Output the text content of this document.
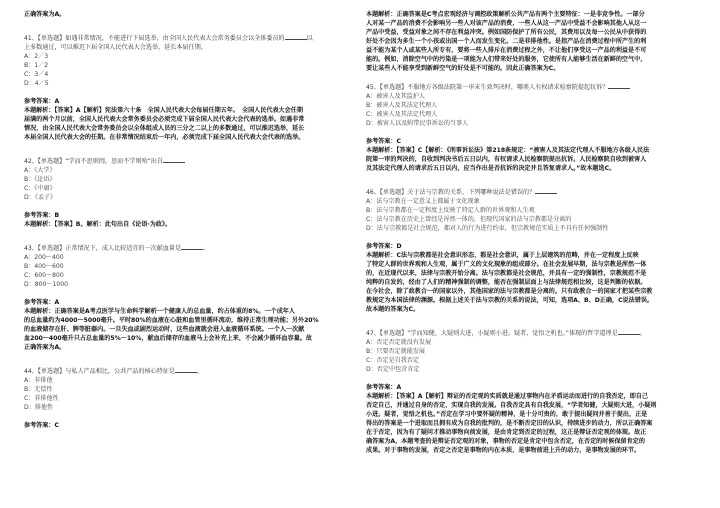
正确答案为A。
41、【单选题】如遇非常情况，不能进行下届选举，由全国人民代表大会常务委员会以全体委员的	以
上多数通过，可以推迟下届全国人民代表大会选举，延长本届任期。
A：2／3
B：1／2
C：3／4
D：4／5
参考答案：A
本题解析：【答案】A【解析】宪法第六十条　全国人民代表大会每届任期五年。　全国人民代表大会任期
届满的两个月以前，全国人民代表大会常务委员会必须完成下届全国人民代表大会代表的选举。如遇非常
情况，由全国人民代表大会常务委员会以全体组成人员的三分之二以上的多数通过，可以推迟选举，延长
本届全国人民代表大会的任期。在非常情况结束后一年内，必须完成下届全国人民代表大会代表的选举。
42、【单选题】“学而不思则罔，思而不学则殆”出自
A：《大学》
B：《论语》
C：《中庸》
D：《孟子》
参考答案：B
本题解析：【答案】B。解析：此句出自《论语·为政》。
43、【单选题】正常情况下，成人比较适宜的一次献血量是	。
A：200～400
B：400～600
C：600～800
D：800～1000
参考答案：A
本题解析：正确答案是A考点医学与生命科学解析一个健康人的总血量，约占体重的8%。一个成年人
的总血量约为4000～5000毫升。平时80%的血液在心脏和血管里循环流动，维持正常生理功能；另外20%
的血液储存在肝、脾等脏器内。一旦失血或剧烈运动时，这些血液就会进入血液循环系统。一个人一次献
血200～400毫升只占总血量的5%～10%，献血后储存的血液马上会补充上来，不会减少循环血容量。故
正确答案为A。
44、【单选题】与私人产品相比，公共产品的核心特征是	。
A：非排他
B：无偿性
C：非排他性
D：排他性
参考答案：C
本题解析：正确答案是C考点宏观经济与调控政策解析公共产品有两个主要特征：一是非竞争性。一部分
人对某一产品的消费不会影响另一些人对该产品的消费，一些人从这一产品中受益不会影响其他人从这一
产品中受益，受益对象之间不存在利益冲突。例如国防保护了所有公民，其费用以及每一公民从中获得的
好处不会因为多生一个小孩或出国一个人而发生变化。二是非排他性。是指产品在消费过程中所产生的利
益不能为某个人或某些人所专有，要将一些人排斥在消费过程之外，不让他们享受这一产品的利益是不可
能的。例如，消除空气中的污染是一项能为人们带来好处的服务，它使所有人能够生活在新鲜的空气中，
要让某些人不能享受到新鲜空气的好处是不可能的。因此正确答案为C。
45、【单选题】不服地方各级法院第一审未生效判决时，哪类人有权请求检察院提起抗诉？
A：被害人及其监护人
B：被害人及其法定代理人
C：被害人及其法定代理人
D：被害人以及附带民事诉讼的当事人
参考答案：C
本题解析：【答案】C【解析：《刑事诉讼法》第218条规定：“被害人及其法定代理人不服地方各级人民法
院第一审的判决的，自收到判决书后五日以内，有权请求人民检察院提出抗诉。人民检察院自收到被害人
及其法定代理人的请求后五日以内，应当作出是否抗诉的决定并且答复请求人。”故本题选C。
46、【单选题】关于法与宗教的关系，下列哪种说法是错误的？
A：法与宗教在一定意义上都属于文化现象
B：法与宗教都在一定程度上反映了特定人群的世界观和人生观
C：法与宗教在历史上曾经是浑然一体的，但现代国家的法与宗教都是分离的
D：法与宗教都是社会规范，都对人的行为进行约束，但宗教规范实质上不具有任何强制性
参考答案：D
本题解析：C法与宗教都是社会意识形态，都是社会意识，属于上层建筑的范畴，并在一定程度上反映
了特定人群的世界观和人生观，属于广义的文化现象的组成部分。在社会发展早期，法与宗教是浑然一体
的，在近现代以来，法律与宗教开始分离。法与宗教都是社会规范，并具有一定的强制性，宗教规范不是
纯粹的自发的，经由了人们的精神强制的调整，能否在强制层面上与法律规范相比较，这是判断的依据。
在今社会，除了政教合一的国家以外，其他国家的法与宗教都是分离的。只有政教合一的国家才把某些宗教
教规定为本国法律的渊源。根据上述关于法与宗教的关系的说法，可知，选项A、B、D正确，C说法错误。
故本题的答案为C。
47、【单选题】“学而知健，大疑则大进，小疑则小进。疑者，觉悟之机也。”体现的哲学道理是	。
A：否定否定就没有发展
B：只要否定就能发展
C：否定是自我否定
D：否定中包含肯定
参考答案：A
本题解析：【答案】A【解析】辩证的否定观的实质就是通过事物内在矛盾运动而进行的自我否定，即自己
否定自己，并通过自身的否定，实现自我的发展。自我否定具有自我发展，“学者知健，大疑则大进，小疑则
小进。疑者，觉悟之机也。”否定在学习中要怀疑的精神，是十分可贵的，敢于提出疑问并善于提出，正是
得出的答案是一个进取而且拥有成为自我的批判的，是不断否定旧的认识，持续进步的动力，所以正确答案
在于否定，因为有了疑问才推动事物向前发展，是由肯定到否定的过程，这正是辩证否定观的体现。故正
确答案为A，本题考查的是辩证否定观的对象，事物的否定是肯定中包含否定，在否定的时候保留肯定的
成果。对于事物的发展，否定之否定是事物的内在本质，是事物前进上升的动力，是事物发展的环节。
